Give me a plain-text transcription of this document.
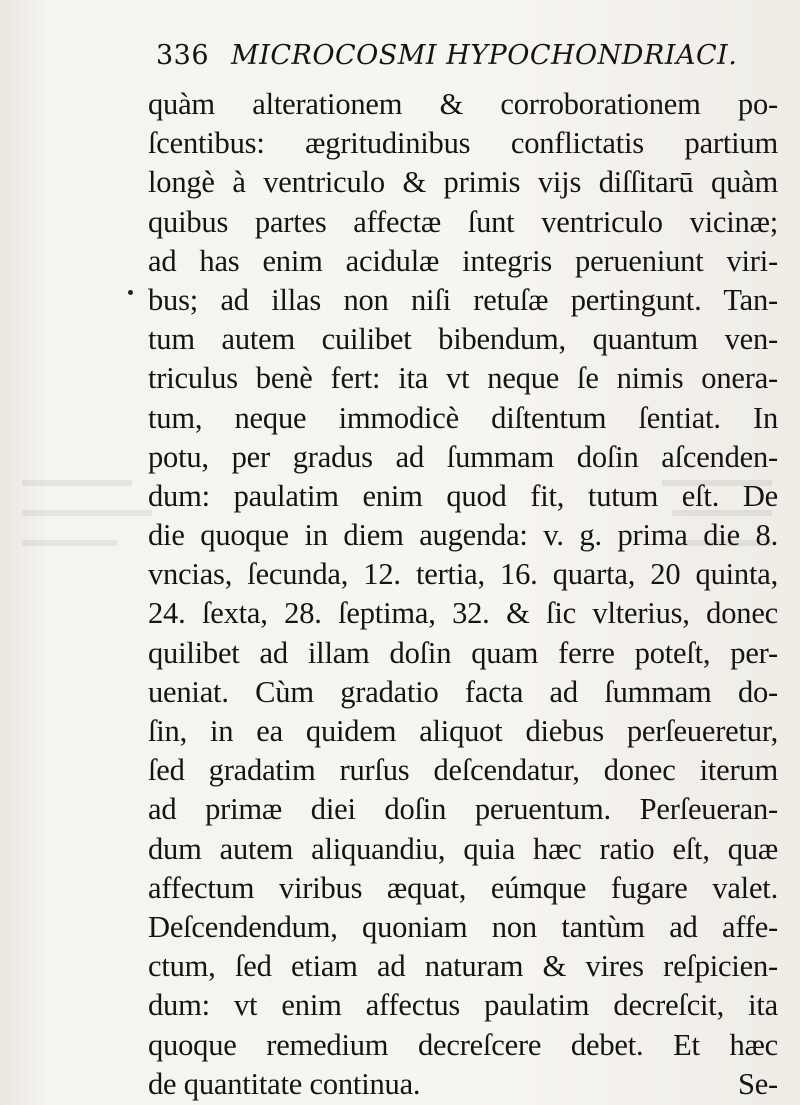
336 MICROCOSMI HYPOCHONDRIACI.
quàm alterationem & corroborationem po-
ſcentibus: ægritudinibus conflictatis partium
longè à ventriculo & primis vijs diſſitarū quàm
quibus partes affectæ ſunt ventriculo vicinæ;
ad has enim acidulæ integris perueniunt viri-
bus; ad illas non niſi retuſæ pertingunt. Tan-
tum autem cuilibet bibendum, quantum ven-
triculus benè fert: ita vt neque ſe nimis onera-
tum, neque immodicè diſtentum ſentiat. In
potu, per gradus ad ſummam doſin aſcenden-
dum: paulatim enim quod fit, tutum eſt. De
die quoque in diem augenda: v. g. prima die 8.
vncias, ſecunda, 12. tertia, 16. quarta, 20 quinta,
24. ſexta, 28. ſeptima, 32. & ſic vlterius, donec
quilibet ad illam doſin quam ferre poteſt, per-
ueniat. Cùm gradatio facta ad ſummam do-
ſin, in ea quidem aliquot diebus perſeueretur,
ſed gradatim rurſus deſcendatur, donec iterum
ad primæ diei doſin peruentum. Perſeueran-
dum autem aliquandiu, quia hæc ratio eſt, quæ
affectum viribus æquat, eúmque fugare valet.
Deſcendendum, quoniam non tantùm ad affe-
ctum, ſed etiam ad naturam & vires reſpicien-
dum: vt enim affectus paulatim decreſcit, ita
quoque remedium decreſcere debet. Et hæc
de quantitate continua.	Se-
